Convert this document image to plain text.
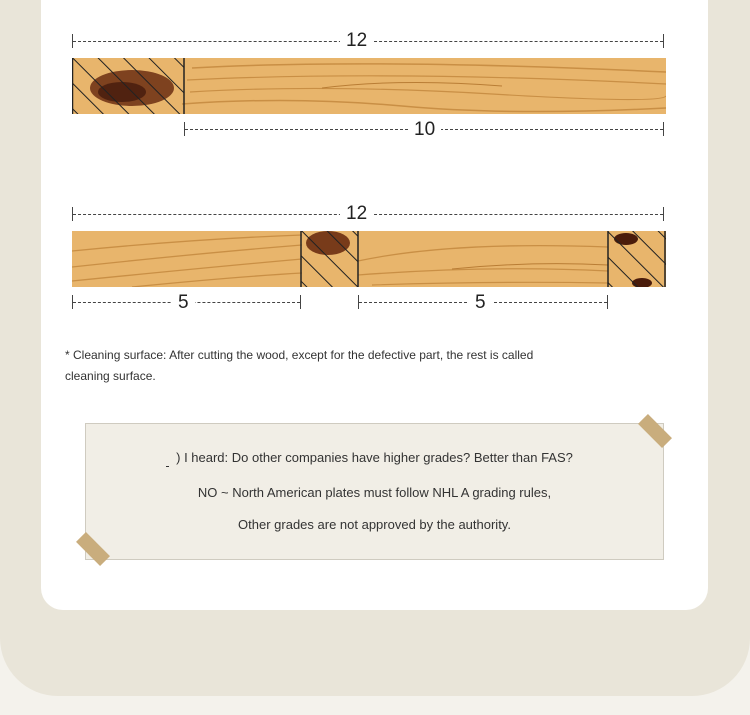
12
10
12
5	5
* Cleaning surface: After cutting the wood, except for the defective part, the rest is called
cleaning surface.
) I heard: Do other companies have higher grades? Better than FAS?
NO ~ North American plates must follow NHL A grading rules,
Other grades are not approved by the authority.
